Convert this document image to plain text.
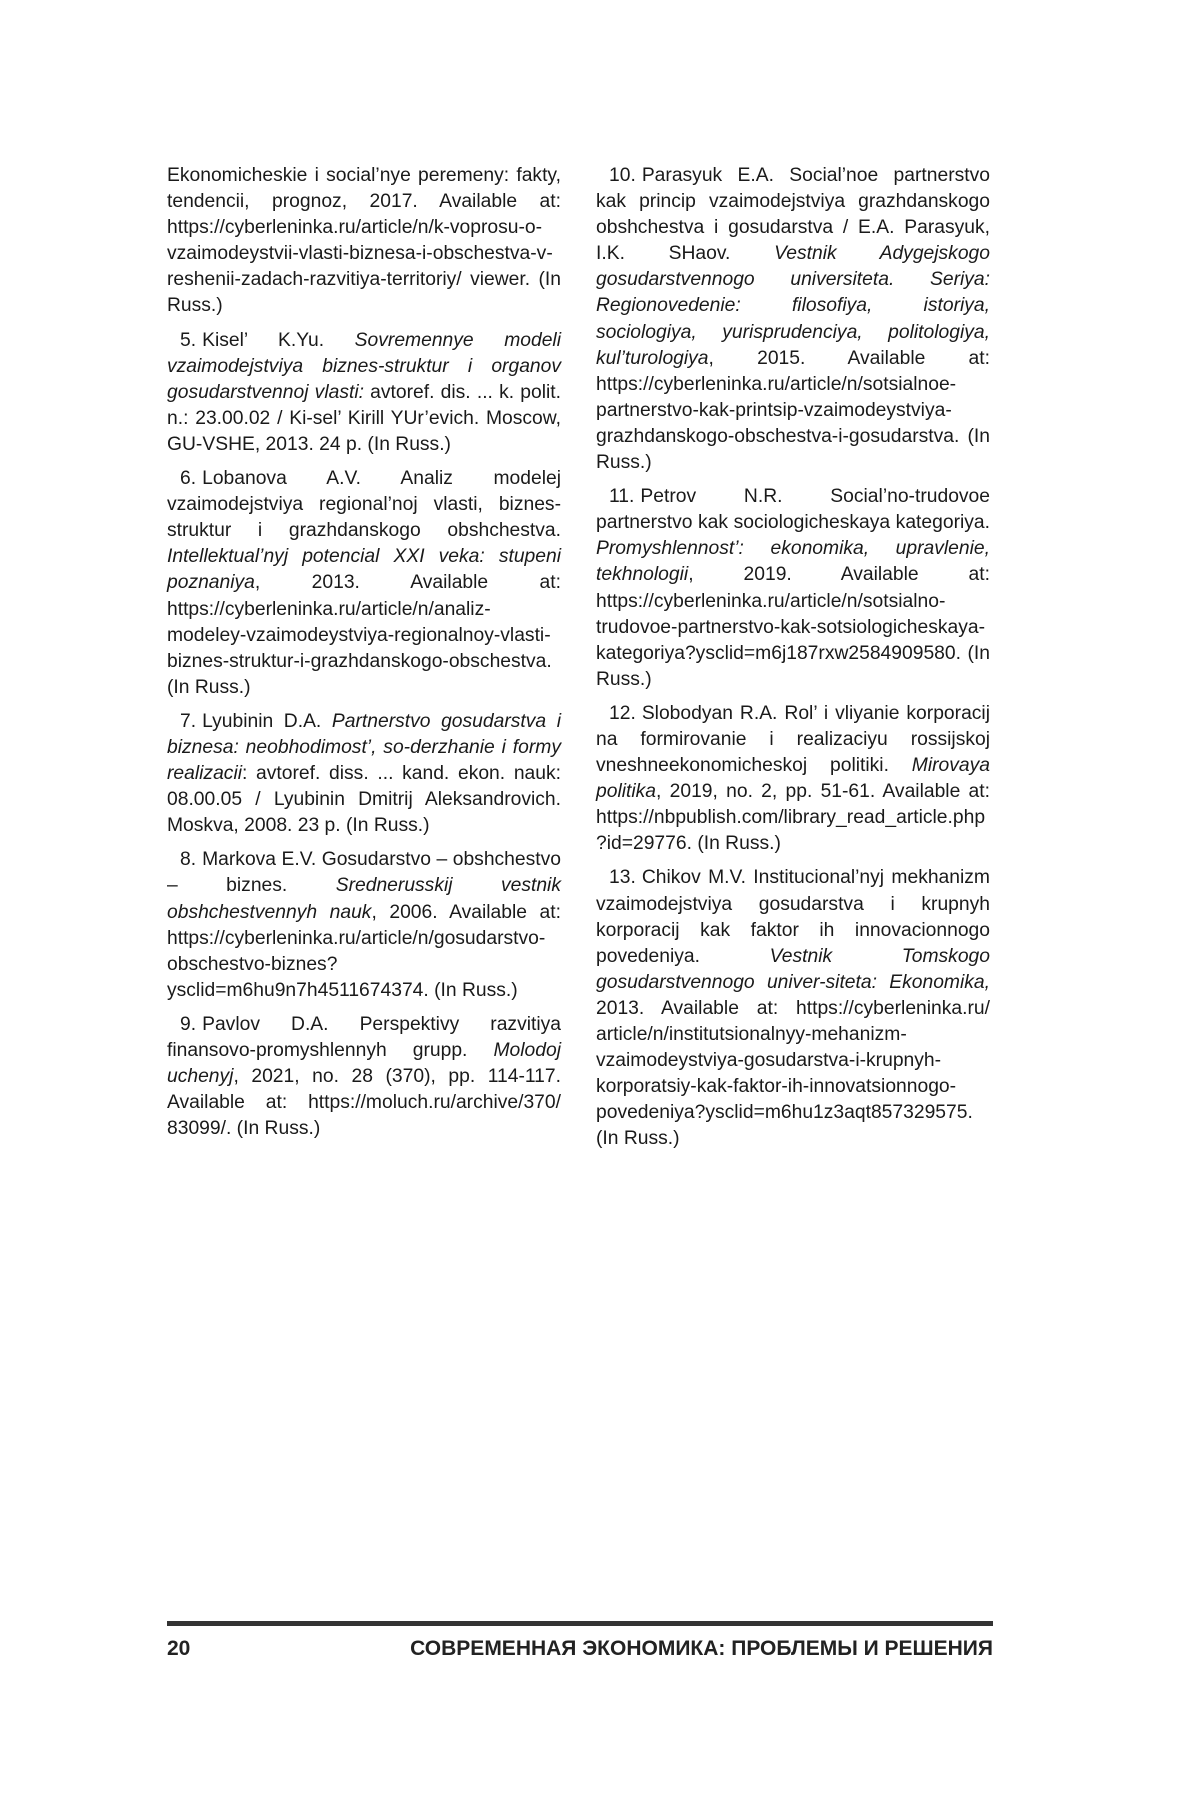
Ekonomicheskie i social’nye peremeny: fakty, tendencii, prognoz, 2017. Available at: https://cyberleninka.ru/article/n/k-voprosu-o-vzaimodeystvii-vlasti-biznesa-i-obschestva-v-reshenii-zadach-razvitiya-territoriy/ viewer. (In Russ.)

5. Kisel’ K.Yu. Sovremennye modeli vzaimodejstviya biznes-struktur i organov gosudarstvennoj vlasti: avtoref. dis. ... k. polit. n.: 23.00.02 / Ki-sel’ Kirill YUr’evich. Moscow, GU-VSHE, 2013. 24 p. (In Russ.)

6. Lobanova A.V. Analiz modelej vzaimodejstviya regional’noj vlasti, biznes-struktur i grazhdanskogo obshchestva. Intellektual’nyj potencial XXI veka: stupeni poznaniya, 2013. Available at: https://cyberleninka.ru/article/n/analiz-modeley-vzaimodeystviya-regionalnoy-vlasti-biznes-struktur-i-grazhdanskogo-obschestva. (In Russ.)

7. Lyubinin D.A. Partnerstvo gosudarstva i biznesa: neobhodimost’, so-derzhanie i formy realizacii: avtoref. diss. ... kand. ekon. nauk: 08.00.05 / Lyubinin Dmitrij Aleksandrovich. Moskva, 2008. 23 p. (In Russ.)

8. Markova E.V. Gosudarstvo – obshchestvo – biznes. Srednerusskij vestnik obshchestvennyh nauk, 2006. Available at: https://cyberleninka.ru/article/n/gosudarstvo-obschestvo-biznes?ysclid=m6hu9n7h4511674374. (In Russ.)

9. Pavlov D.A. Perspektivy razvitiya finansovo-promyshlennyh grupp. Molodoj uchenyj, 2021, no. 28 (370), pp. 114-117. Available at: https://moluch.ru/archive/370/ 83099/. (In Russ.)

10. Parasyuk E.A. Social’noe partnerstvo kak princip vzaimodejstviya grazhdanskogo obshchestva i gosudarstva / E.A. Parasyuk, I.K. SHaov. Vestnik Adygejskogo gosudarstvennogo universiteta. Seriya: Regionovedenie: filosofiya, istoriya, sociologiya, yurisprudenciya, politologiya, kul’turologiya, 2015. Available at: https://cyberleninka.ru/article/n/sotsialnoe-partnerstvo-kak-printsip-vzaimodeystviya-grazhdanskogo-obschestva-i-gosudarstva. (In Russ.)

11. Petrov N.R. Social’no-trudovoe partnerstvo kak sociologicheskaya kategoriya. Promyshlennost’: ekonomika, upravlenie, tekhnologii, 2019. Available at: https://cyberleninka.ru/article/n/sotsialno-trudovoe-partnerstvo-kak-sotsiologicheskaya-kategoriya?ysclid=m6j187rxw2584909580. (In Russ.)

12. Slobodyan R.A. Rol’ i vliyanie korporacij na formirovanie i realizaciyu rossijskoj vneshneekonomicheskoj politiki. Mirovaya politika, 2019, no. 2, pp. 51-61. Available at: https://nbpublish.com/library_read_article.php?id=29776. (In Russ.)

13. Chikov M.V. Institucional’nyj mekhanizm vzaimodejstviya gosudarstva i krupnyh korporacij kak faktor ih innovacionnogo povedeniya. Vestnik Tomskogo gosudarstvennogo univer-siteta: Ekonomika, 2013. Available at: https://cyberleninka.ru/ article/n/institutsionalnyy-mehanizm-vzaimodeystviya-gosudarstva-i-krupnyh-korporatsiy-kak-faktor-ih-innovatsionnogo-povedeniya?ysclid=m6hu1z3aqt857329575. (In Russ.)

20	СОВРЕМЕННАЯ ЭКОНОМИКА: ПРОБЛЕМЫ И РЕШЕНИЯ
